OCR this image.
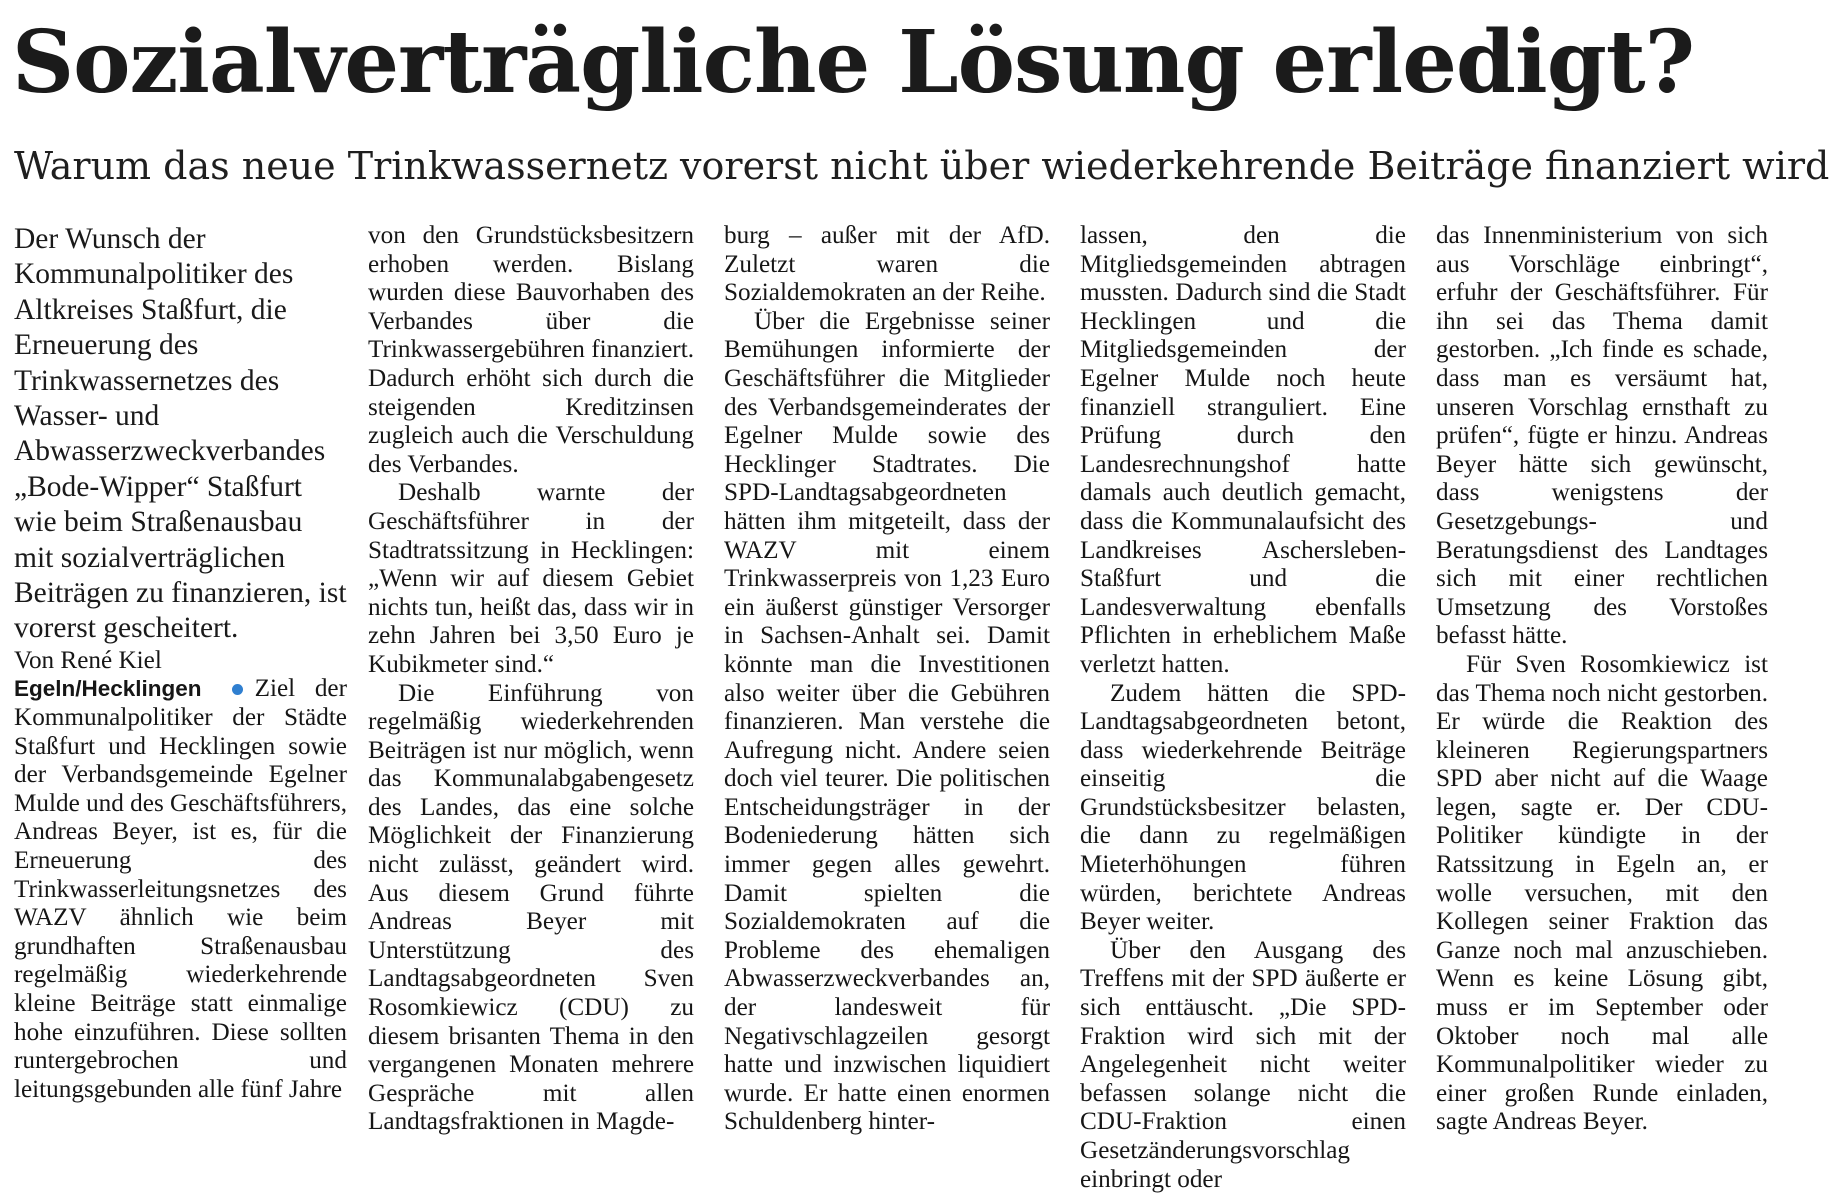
Sozialverträgliche Lösung erledigt?
Warum das neue Trinkwassernetz vorerst nicht über wiederkehrende Beiträge finanziert wird

Der Wunsch der Kommunalpolitiker des Altkreises Staßfurt, die Erneuerung des Trinkwassernetzes des Wasser- und Abwasserzweckverbandes „Bode-Wipper“ Staßfurt wie beim Straßenausbau mit sozialverträglichen Beiträgen zu finanzieren, ist vorerst gescheitert.

Von René Kiel

Egeln/Hecklingen Ziel der Kommunalpolitiker der Städte Staßfurt und Hecklingen sowie der Verbandsgemeinde Egelner Mulde und des Geschäftsführers, Andreas Beyer, ist es, für die Erneuerung des Trinkwasserleitungsnetzes des WAZV ähnlich wie beim grundhaften Straßenausbau regelmäßig wiederkehrende kleine Beiträge statt einmalige hohe einzuführen. Diese sollten runtergebrochen und leitungsgebunden alle fünf Jahre

von den Grundstücksbesitzern erhoben werden. Bislang wurden diese Bauvorhaben des Verbandes über die Trinkwassergebühren finanziert. Dadurch erhöht sich durch die steigenden Kreditzinsen zugleich auch die Verschuldung des Verbandes.

Deshalb warnte der Geschäftsführer in der Stadtratssitzung in Hecklingen: „Wenn wir auf diesem Gebiet nichts tun, heißt das, dass wir in zehn Jahren bei 3,50 Euro je Kubikmeter sind.“

Die Einführung von regelmäßig wiederkehrenden Beiträgen ist nur möglich, wenn das Kommunalabgabengesetz des Landes, das eine solche Möglichkeit der Finanzierung nicht zulässt, geändert wird. Aus diesem Grund führte Andreas Beyer mit Unterstützung des Landtagsabgeordneten Sven Rosomkiewicz (CDU) zu diesem brisanten Thema in den vergangenen Monaten mehrere Gespräche mit allen Landtagsfraktionen in Magde-

burg – außer mit der AfD. Zuletzt waren die Sozialdemokraten an der Reihe.

Über die Ergebnisse seiner Bemühungen informierte der Geschäftsführer die Mitglieder des Verbandsgemeinderates der Egelner Mulde sowie des Hecklinger Stadtrates. Die SPD-Landtagsabgeordneten hätten ihm mitgeteilt, dass der WAZV mit einem Trinkwasserpreis von 1,23 Euro ein äußerst günstiger Versorger in Sachsen-Anhalt sei. Damit könnte man die Investitionen also weiter über die Gebühren finanzieren. Man verstehe die Aufregung nicht. Andere seien doch viel teurer. Die politischen Entscheidungsträger in der Bodeniederung hätten sich immer gegen alles gewehrt. Damit spielten die Sozialdemokraten auf die Probleme des ehemaligen Abwasserzweckverbandes an, der landesweit für Negativschlagzeilen gesorgt hatte und inzwischen liquidiert wurde. Er hatte einen enormen Schuldenberg hinter-

lassen, den die Mitgliedsgemeinden abtragen mussten. Dadurch sind die Stadt Hecklingen und die Mitgliedsgemeinden der Egelner Mulde noch heute finanziell stranguliert. Eine Prüfung durch den Landesrechnungshof hatte damals auch deutlich gemacht, dass die Kommunalaufsicht des Landkreises Aschersleben-Staßfurt und die Landesverwaltung ebenfalls Pflichten in erheblichem Maße verletzt hatten.

Zudem hätten die SPD-Landtagsabgeordneten betont, dass wiederkehrende Beiträge einseitig die Grundstücksbesitzer belasten, die dann zu regelmäßigen Mieterhöhungen führen würden, berichtete Andreas Beyer weiter.

Über den Ausgang des Treffens mit der SPD äußerte er sich enttäuscht. „Die SPD-Fraktion wird sich mit der Angelegenheit nicht weiter befassen solange nicht die CDU-Fraktion einen Gesetzänderungsvorschlag einbringt oder

das Innenministerium von sich aus Vorschläge einbringt“, erfuhr der Geschäftsführer. Für ihn sei das Thema damit gestorben. „Ich finde es schade, dass man es versäumt hat, unseren Vorschlag ernsthaft zu prüfen“, fügte er hinzu. Andreas Beyer hätte sich gewünscht, dass wenigstens der Gesetzgebungs- und Beratungsdienst des Landtages sich mit einer rechtlichen Umsetzung des Vorstoßes befasst hätte.

Für Sven Rosomkiewicz ist das Thema noch nicht gestorben. Er würde die Reaktion des kleineren Regierungspartners SPD aber nicht auf die Waage legen, sagte er. Der CDU-Politiker kündigte in der Ratssitzung in Egeln an, er wolle versuchen, mit den Kollegen seiner Fraktion das Ganze noch mal anzuschieben. Wenn es keine Lösung gibt, muss er im September oder Oktober noch mal alle Kommunalpolitiker wieder zu einer großen Runde einladen, sagte Andreas Beyer.
